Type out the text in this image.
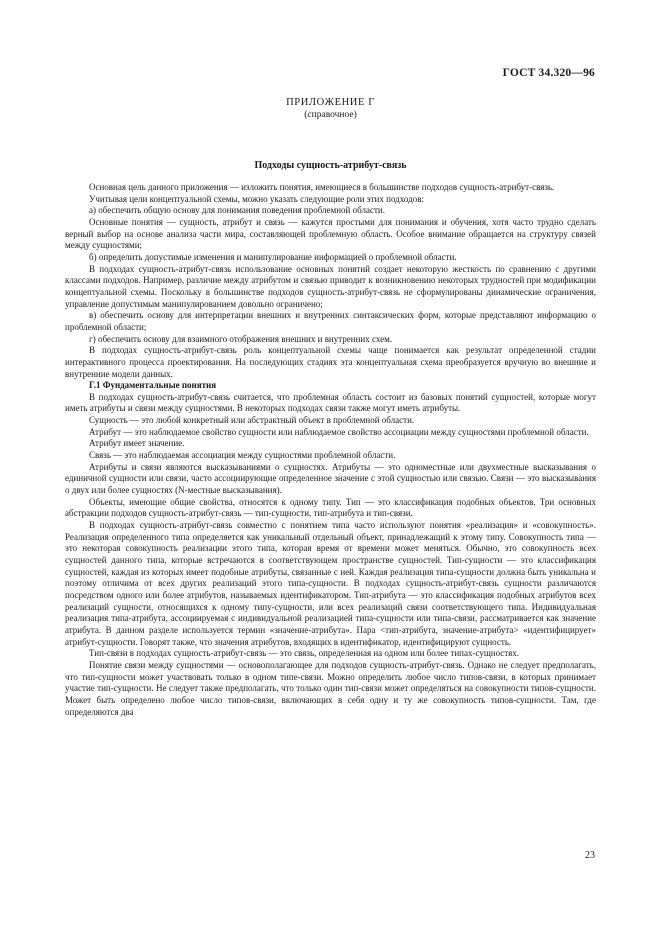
ГОСТ 34.320—96
ПРИЛОЖЕНИЕ Г
(справочное)
Подходы сущность-атрибут-связь

Основная цель данного приложения — изложить понятия, имеющиеся в большинстве подходов сущность-атрибут-связь.

Учитывая цели концептуальной схемы, можно указать следующие роли этих подходов:

а) обеспечить общую основу для понимания поведения проблемной области.

Основные понятия — сущность, атрибут и связь — кажутся простыми для понимания и обучения, хотя часто трудно сделать верный выбор на основе анализа части мира, составляющей проблемную область. Особое внимание обращается на структуру связей между сущностями;

б) определить допустимые изменения и манипулирование информацией о проблемной области.

В подходах сущность-атрибут-связь использование основных понятий создает некоторую жесткость по сравнению с другими классами подходов. Например, различие между атрибутом и связью приводит к возникновению некоторых трудностей при модификации концептуальной схемы. Поскольку в большинстве подходов сущность-атрибут-связь не сформулированы динамические ограничения, управление допустимым манипулированием довольно ограничено;

в) обеспечить основу для интерпретации внешних и внутренних синтаксических форм, которые представляют информацию о проблемной области;

г) обеспечить основу для взаимного отображения внешних и внутренних схем.

В подходах сущность-атрибут-связь роль концептуальной схемы чаще понимается как результат определенной стадии интерактивного процесса проектирования. На последующих стадиях эта концептуальная схема преобразуется вручную во внешние и внутренние модели данных.

Г.1 Фундаментальные понятия

В подходах сущность-атрибут-связь считается, что проблемная область состоит из базовых понятий сущностей, которые могут иметь атрибуты и связи между сущностями. В некоторых подходах связи также могут иметь атрибуты.

Сущность — это любой конкретный или абстрактный объект в проблемной области.

Атрибут — это наблюдаемое свойство сущности или наблюдаемое свойство ассоциации между сущностями проблемной области.

Атрибут имеет значение.

Связь — это наблюдаемая ассоциация между сущностями проблемной области.

Атрибуты и связи являются высказываниями о сущностях. Атрибуты — это одноместные или двухместные высказывания о единичной сущности или связи, часто ассоциирующие определенное значение с этой сущностью или связью. Связи — это высказывания о двух или более сущностях (N-местные высказывания).

Объекты, имеющие общие свойства, относятся к одному типу. Тип — это классификация подобных объектов. Три основных абстракции подходов сущность-атрибут-связь — тип-сущности, тип-атрибута и тип-связи.

В подходах сущность-атрибут-связь совместно с понятием типа часто используют понятия «реализация» и «совокупность». Реализация определенного типа определяется как уникальный отдельный объект, принадлежащий к этому типу. Совокупность типа — это некоторая совокупность реализации этого типа, которая время от времени может меняться. Обычно, это совокупность всех сущностей данного типа, которые встречаются в соответствующем пространстве сущностей. Тип-сущности — это классификация сущностей, каждая из которых имеет подобные атрибуты, связанные с ней. Каждая реализация типа-сущности должна быть уникальна и поэтому отличима от всех других реализаций этого типа-сущности. В подходах сущность-атрибут-связь сущности различаются посредством одного или более атрибутов, называемых идентификатором. Тип-атрибута — это классификация подобных атрибутов всех реализаций сущности, относящихся к одному типу-сущности, или всех реализаций связи соответствующего типа. Индивидуальная реализация типа-атрибута, ассоциируемая с индивидуальной реализацией типа-сущности или типа-связи, рассматривается как значение атрибута. В данном разделе используется термин «значение-атрибута». Пара <тип-атрибута, значение-атрибута> «идентифицирует» атрибут-сущности. Говорят также, что значения атрибутов, входящих в идентификатор, идентифицируют сущность.

Тип-связи в подходах сущность-атрибут-связь — это связь, определенная на одном или более типах-сущностях.

Понятие связи между сущностями — основополагающее для подходов сущность-атрибут-связь. Однако не следует предполагать, что тип-сущности может участвовать только в одном типе-связи. Можно определить любое число типов-связи, в которых принимает участие тип-сущности. Не следует также предполагать, что только один тип-связи может определяться на совокупности типов-сущности. Может быть определено любое число типов-связи, включающих в себя одну и ту же совокупность типов-сущности. Там, где определяются два

23
